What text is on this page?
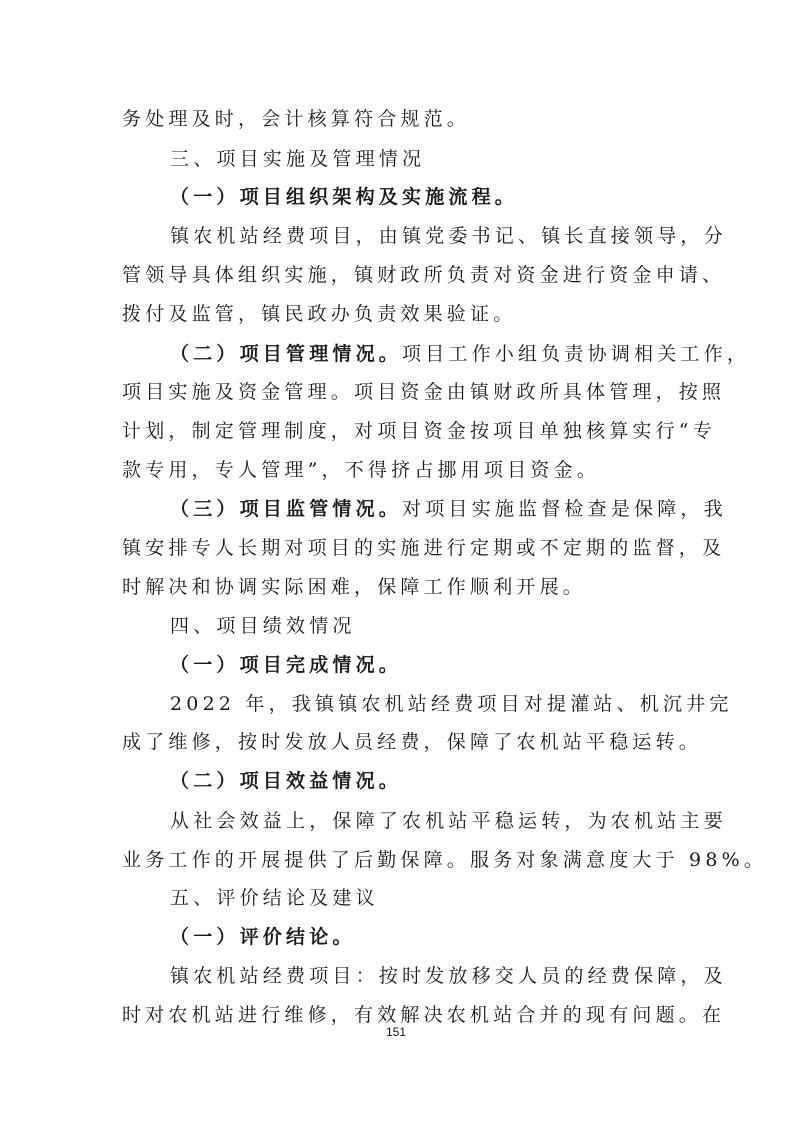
务处理及时，会计核算符合规范。
三、项目实施及管理情况
（一）项目组织架构及实施流程。
镇农机站经费项目，由镇党委书记、镇长直接领导，分
管领导具体组织实施，镇财政所负责对资金进行资金申请、
拨付及监管，镇民政办负责效果验证。
（二）项目管理情况。项目工作小组负责协调相关工作，
项目实施及资金管理。项目资金由镇财政所具体管理，按照
计划，制定管理制度，对项目资金按项目单独核算实行“专
款专用，专人管理”，不得挤占挪用项目资金。
（三）项目监管情况。对项目实施监督检查是保障，我
镇安排专人长期对项目的实施进行定期或不定期的监督，及
时解决和协调实际困难，保障工作顺利开展。
四、项目绩效情况
（一）项目完成情况。
2022 年，我镇镇农机站经费项目对提灌站、机沉井完
成了维修，按时发放人员经费，保障了农机站平稳运转。
（二）项目效益情况。
从社会效益上，保障了农机站平稳运转，为农机站主要
业务工作的开展提供了后勤保障。服务对象满意度大于 98%。
五、评价结论及建议
（一）评价结论。
镇农机站经费项目：按时发放移交人员的经费保障，及
时对农机站进行维修，有效解决农机站合并的现有问题。在
151
